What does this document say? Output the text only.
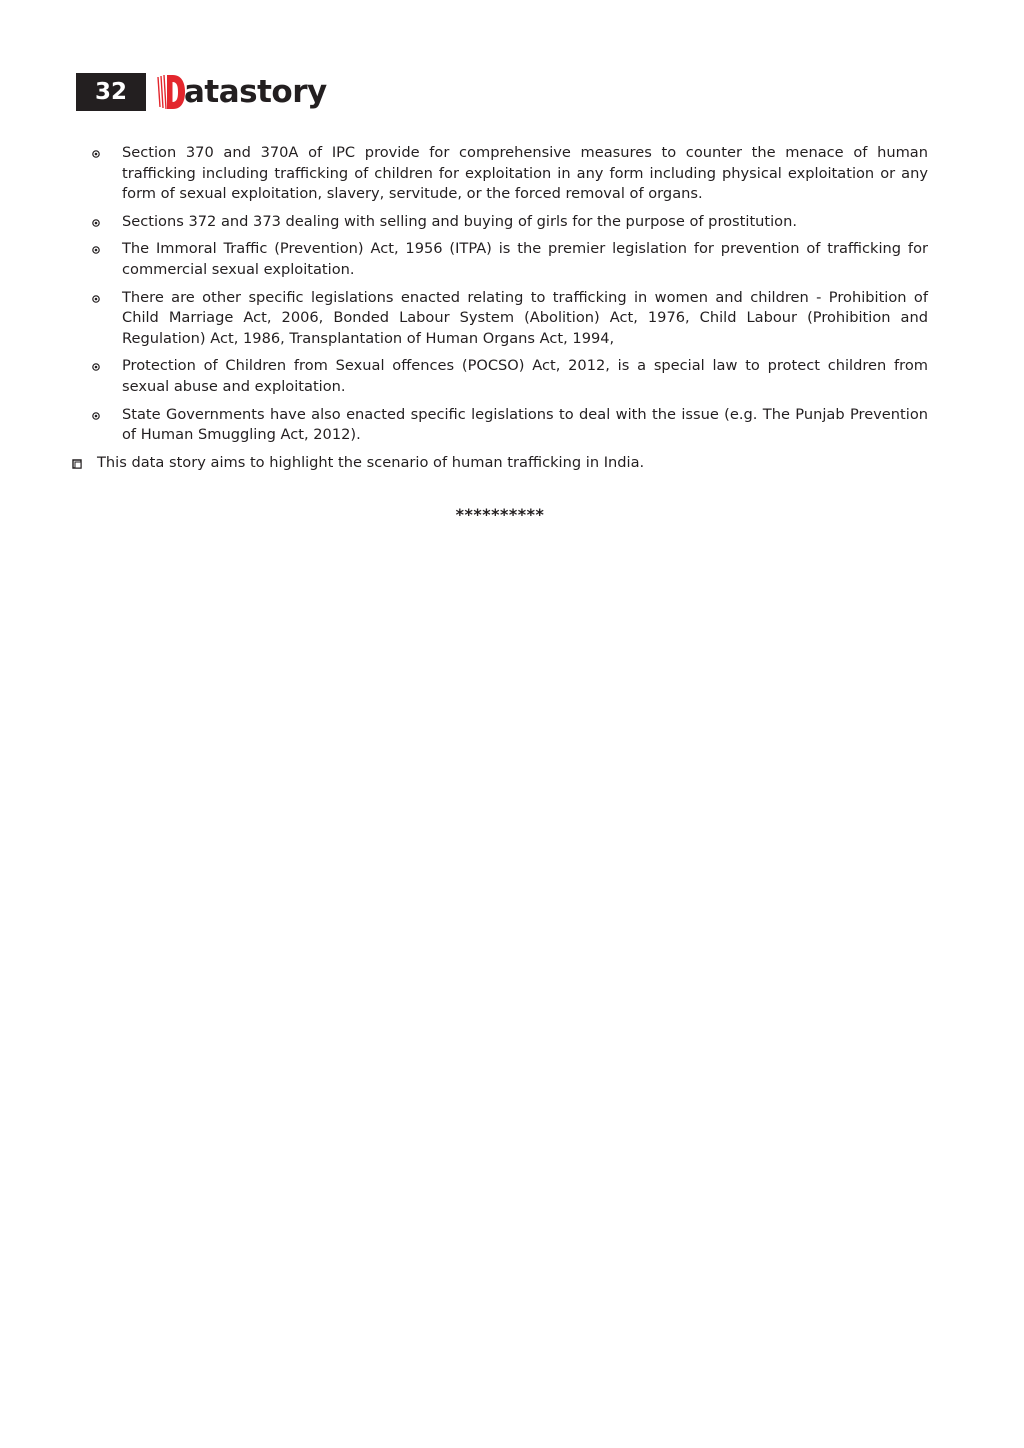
32	atastory
Section 370 and 370A of IPC provide for comprehensive measures to counter the menace of human trafficking including trafficking of children for exploitation in any form including physical exploitation or any form of sexual exploitation, slavery, servitude, or the forced removal of organs.
Sections 372 and 373 dealing with selling and buying of girls for the purpose of prostitution.
The Immoral Traffic (Prevention) Act, 1956 (ITPA) is the premier legislation for prevention of trafficking for commercial sexual exploitation.
There are other specific legislations enacted relating to trafficking in women and children - Prohibition of Child Marriage Act, 2006, Bonded Labour System (Abolition) Act, 1976, Child Labour (Prohibition and Regulation) Act, 1986, Transplantation of Human Organs Act, 1994,
Protection of Children from Sexual offences (POCSO) Act, 2012, is a special law to protect children from sexual abuse and exploitation.
State Governments have also enacted specific legislations to deal with the issue (e.g. The Punjab Prevention of Human Smuggling Act, 2012).
This data story aims to highlight the scenario of human trafficking in India.
**********
